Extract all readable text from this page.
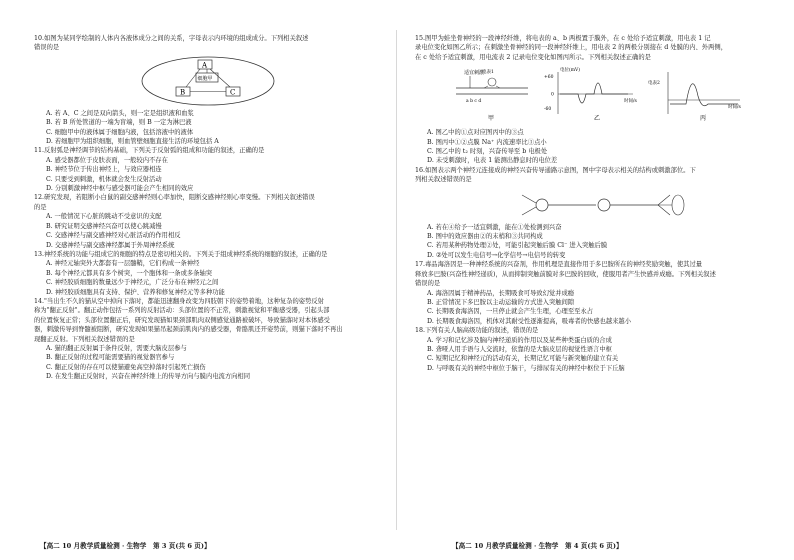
10.如图为某同学绘制的人体内各液体成分之间的关系，字母表示内环境的组成成分。下列相关叙述

错误的是

A
B	C
细胞甲
A. 若 A、C 之间是双向箭头，则一定是组织液和血浆
B. 若 B 所处管道的一端为盲端，则 B 一定为淋巴液
C. 细胞甲中的液体属于细胞内液，包括溶液中的液体
D. 若细胞甲为组织细胞，则血管壁细胞直接生活的环境包括 A

11.反射弧是神经调节的结构基础，下列关于反射弧的组成和功能的叙述，正确的是

A. 感受器都位于皮肤表面，一般较内不存在
B. 神经节位于传出神经上，与效应器相连
C. 只要受到刺激，机体就会发生反射活动
D. 分别刺激神经中枢与感受器可能会产生相同的效应

12.研究发现，若阻断小白鼠的副交感神经则心率加快，阻断交感神经则心率变慢。下列相关叙述错误

的是

A. 一般情况下心脏的跳动不受意识的支配
B. 研究证明交感神经兴奋可以使心跳减慢
C. 交感神经与副交感神经对心脏活动的作用相反
D. 交感神经与副交感神经都属于外周神经系统

13.神经系统的功能与组成它的细胞的特点是密切相关的。下列关于组成神经系统的细胞的叙述，正确的是

A. 神经元轴突外大都套有一层髓鞘，它们构成一条神经
B. 每个神经元都具有多个树突，一个胞体和一条或多条轴突
C. 神经胶质细胞的数量远少于神经元，广泛分布在神经元之间
D. 神经胶质细胞具有支持、保护、营养和修复神经元等多种功能

14."当出生不久的猫从空中掉向下落时，都能迅速翻身改变为四肢朝下的姿势着地，这种复杂的姿势反射

称为"翻正反射"。翻正动作包括一系列的反射活动：头部位置的不正常，刺激视觉和平衡感受器，引起头部

的位置恢复正常；头部位置翻正后，研究发现猫如果颈部肌肉双侧感觉通路被破坏，导致猫落时对本体感受

器，刺激传导到脊髓被阻断，研究发现如果猫吊起颈前肌肉内的感受器，骨骼肌还开姿势前，则猫下落时不再出

现翻正反射。下列相关叙述错误的是

A. 猫的翻正反射属于条件反射，需要大脑皮层参与
B. 翻正反射的过程可能需要猫的视觉器官参与
C. 翻正反射的存在可以使猫避免高空掉落时引起死亡损伤
D. 在发生翻正反射时，兴奋在神经纤维上的传导方向与膜内电流方向相同
【高二 10 月教学质量检测 · 生物学　第 3 页(共 6 页)】

15.图甲为蛙坐骨神经的一段神经纤维，将电表的 a、b 两极置于膜外，在 c 处给予适宜刺激，用电表 1 记

录电位变化如图乙所示；在刺激坐骨神经的同一段神经纤维上，用电表 2 的两极分别接在 d 处膜的内、外两侧，

在 c 处给予适宜刺激，用电流表 2 记录电位变化如图丙所示。下列相关叙述正确的是

适宜刺激
电表1
a b c d
甲
电位(mV)
+60
0
-60
时间/s
乙
电表2
时间/s
丙
A. 图乙中的①点对应图丙中的③点
B. 图丙中①②点膜 Na⁺ 内流速率比③点小
C. 图乙中的 t₂ 时刻，兴奋传导至 b 电极处
D. 未受刺激时，电表 1 能测出静息时的电位差

16.如图表示两个神经元连接成的神经兴奋传导通路示意图，图中字母表示相关的结构或刺激部位。下

列相关叙述错误的是

A. 若在④给予一适宜刺激，能在①处检测到兴奋
B. 图中的效应器由②的末梢和③共同构成
C. 若用某种药物处理②处，可能引起突触后膜 Cl⁻ 进入突触后膜
D. ②处可以发生电信号→化学信号→电信号的转变

17.毒品海洛因是一种神经系统的兴奋剂，作用机理是直接作用于多巴胺所在的神经奖励突触，使其过量

释放多巴胺(兴奋性神经递质)，从而抑制突触前膜对多巴胺的回收，使服用者产生快感并成瘾。下列相关叙述

错误的是

A. 海洛因属于精神药品，长期吸食可导致幻觉并成瘾
B. 正常情况下多巴胺以主动运输的方式进入突触间隙
C. 长期吸食海洛因，一旦停止就会产生生理，心理至至永占
D. 长期吸食海洛因，机体对其耐受性逐渐提高，吸毒者的快感也越来越小

18.下列有关人脑高级功能的叙述，错误的是

A. 学习和记忆涉及脑内神经递质的作用以及某些种类蛋白质的合成
B. 聋哑人用手语与人交流时，依靠的是大脑皮层的视觉性语言中枢
C. 短期记忆和神经元的活动有关，长期记忆可能与新突触的建立有关
D. 与呼吸有关的神经中枢位于脑干，与排尿有关的神经中枢位于下丘脑
【高二 10 月教学质量检测 · 生物学　第 4 页(共 6 页)】
